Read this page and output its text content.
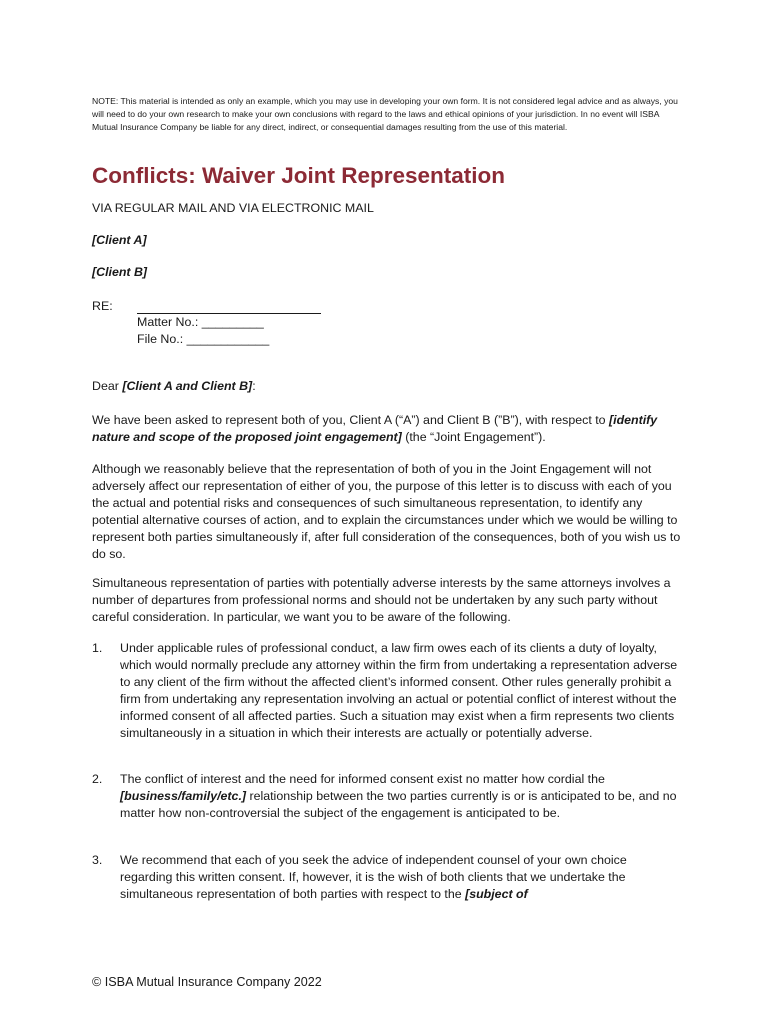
NOTE: This material is intended as only an example, which you may use in developing your own form. It is not considered legal advice and as always, you will need to do your own research to make your own conclusions with regard to the laws and ethical opinions of your jurisdiction. In no event will ISBA Mutual Insurance Company be liable for any direct, indirect, or consequential damages resulting from the use of this material.
Conflicts: Waiver Joint Representation
VIA REGULAR MAIL AND VIA ELECTRONIC MAIL
[Client A]
[Client B]
RE:
Matter No.: _________
File No.: ____________
Dear [Client A and Client B]:
We have been asked to represent both of you, Client A (“A”) and Client B (”B”), with respect to [identify nature and scope of the proposed joint engagement] (the “Joint Engagement”).
Although we reasonably believe that the representation of both of you in the Joint Engagement will not adversely affect our representation of either of you, the purpose of this letter is to discuss with each of you the actual and potential risks and consequences of such simultaneous representation, to identify any potential alternative courses of action, and to explain the circumstances under which we would be willing to represent both parties simultaneously if, after full consideration of the consequences, both of you wish us to do so.
Simultaneous representation of parties with potentially adverse interests by the same attorneys involves a number of departures from professional norms and should not be undertaken by any such party without careful consideration. In particular, we want you to be aware of the following.
1. Under applicable rules of professional conduct, a law firm owes each of its clients a duty of loyalty, which would normally preclude any attorney within the firm from undertaking a representation adverse to any client of the firm without the affected client’s informed consent. Other rules generally prohibit a firm from undertaking any representation involving an actual or potential conflict of interest without the informed consent of all affected parties. Such a situation may exist when a firm represents two clients simultaneously in a situation in which their interests are actually or potentially adverse.
2. The conflict of interest and the need for informed consent exist no matter how cordial the [business/family/etc.] relationship between the two parties currently is or is anticipated to be, and no matter how non-controversial the subject of the engagement is anticipated to be.
3. We recommend that each of you seek the advice of independent counsel of your own choice regarding this written consent. If, however, it is the wish of both clients that we undertake the simultaneous representation of both parties with respect to the [subject of
© ISBA Mutual Insurance Company 2022
